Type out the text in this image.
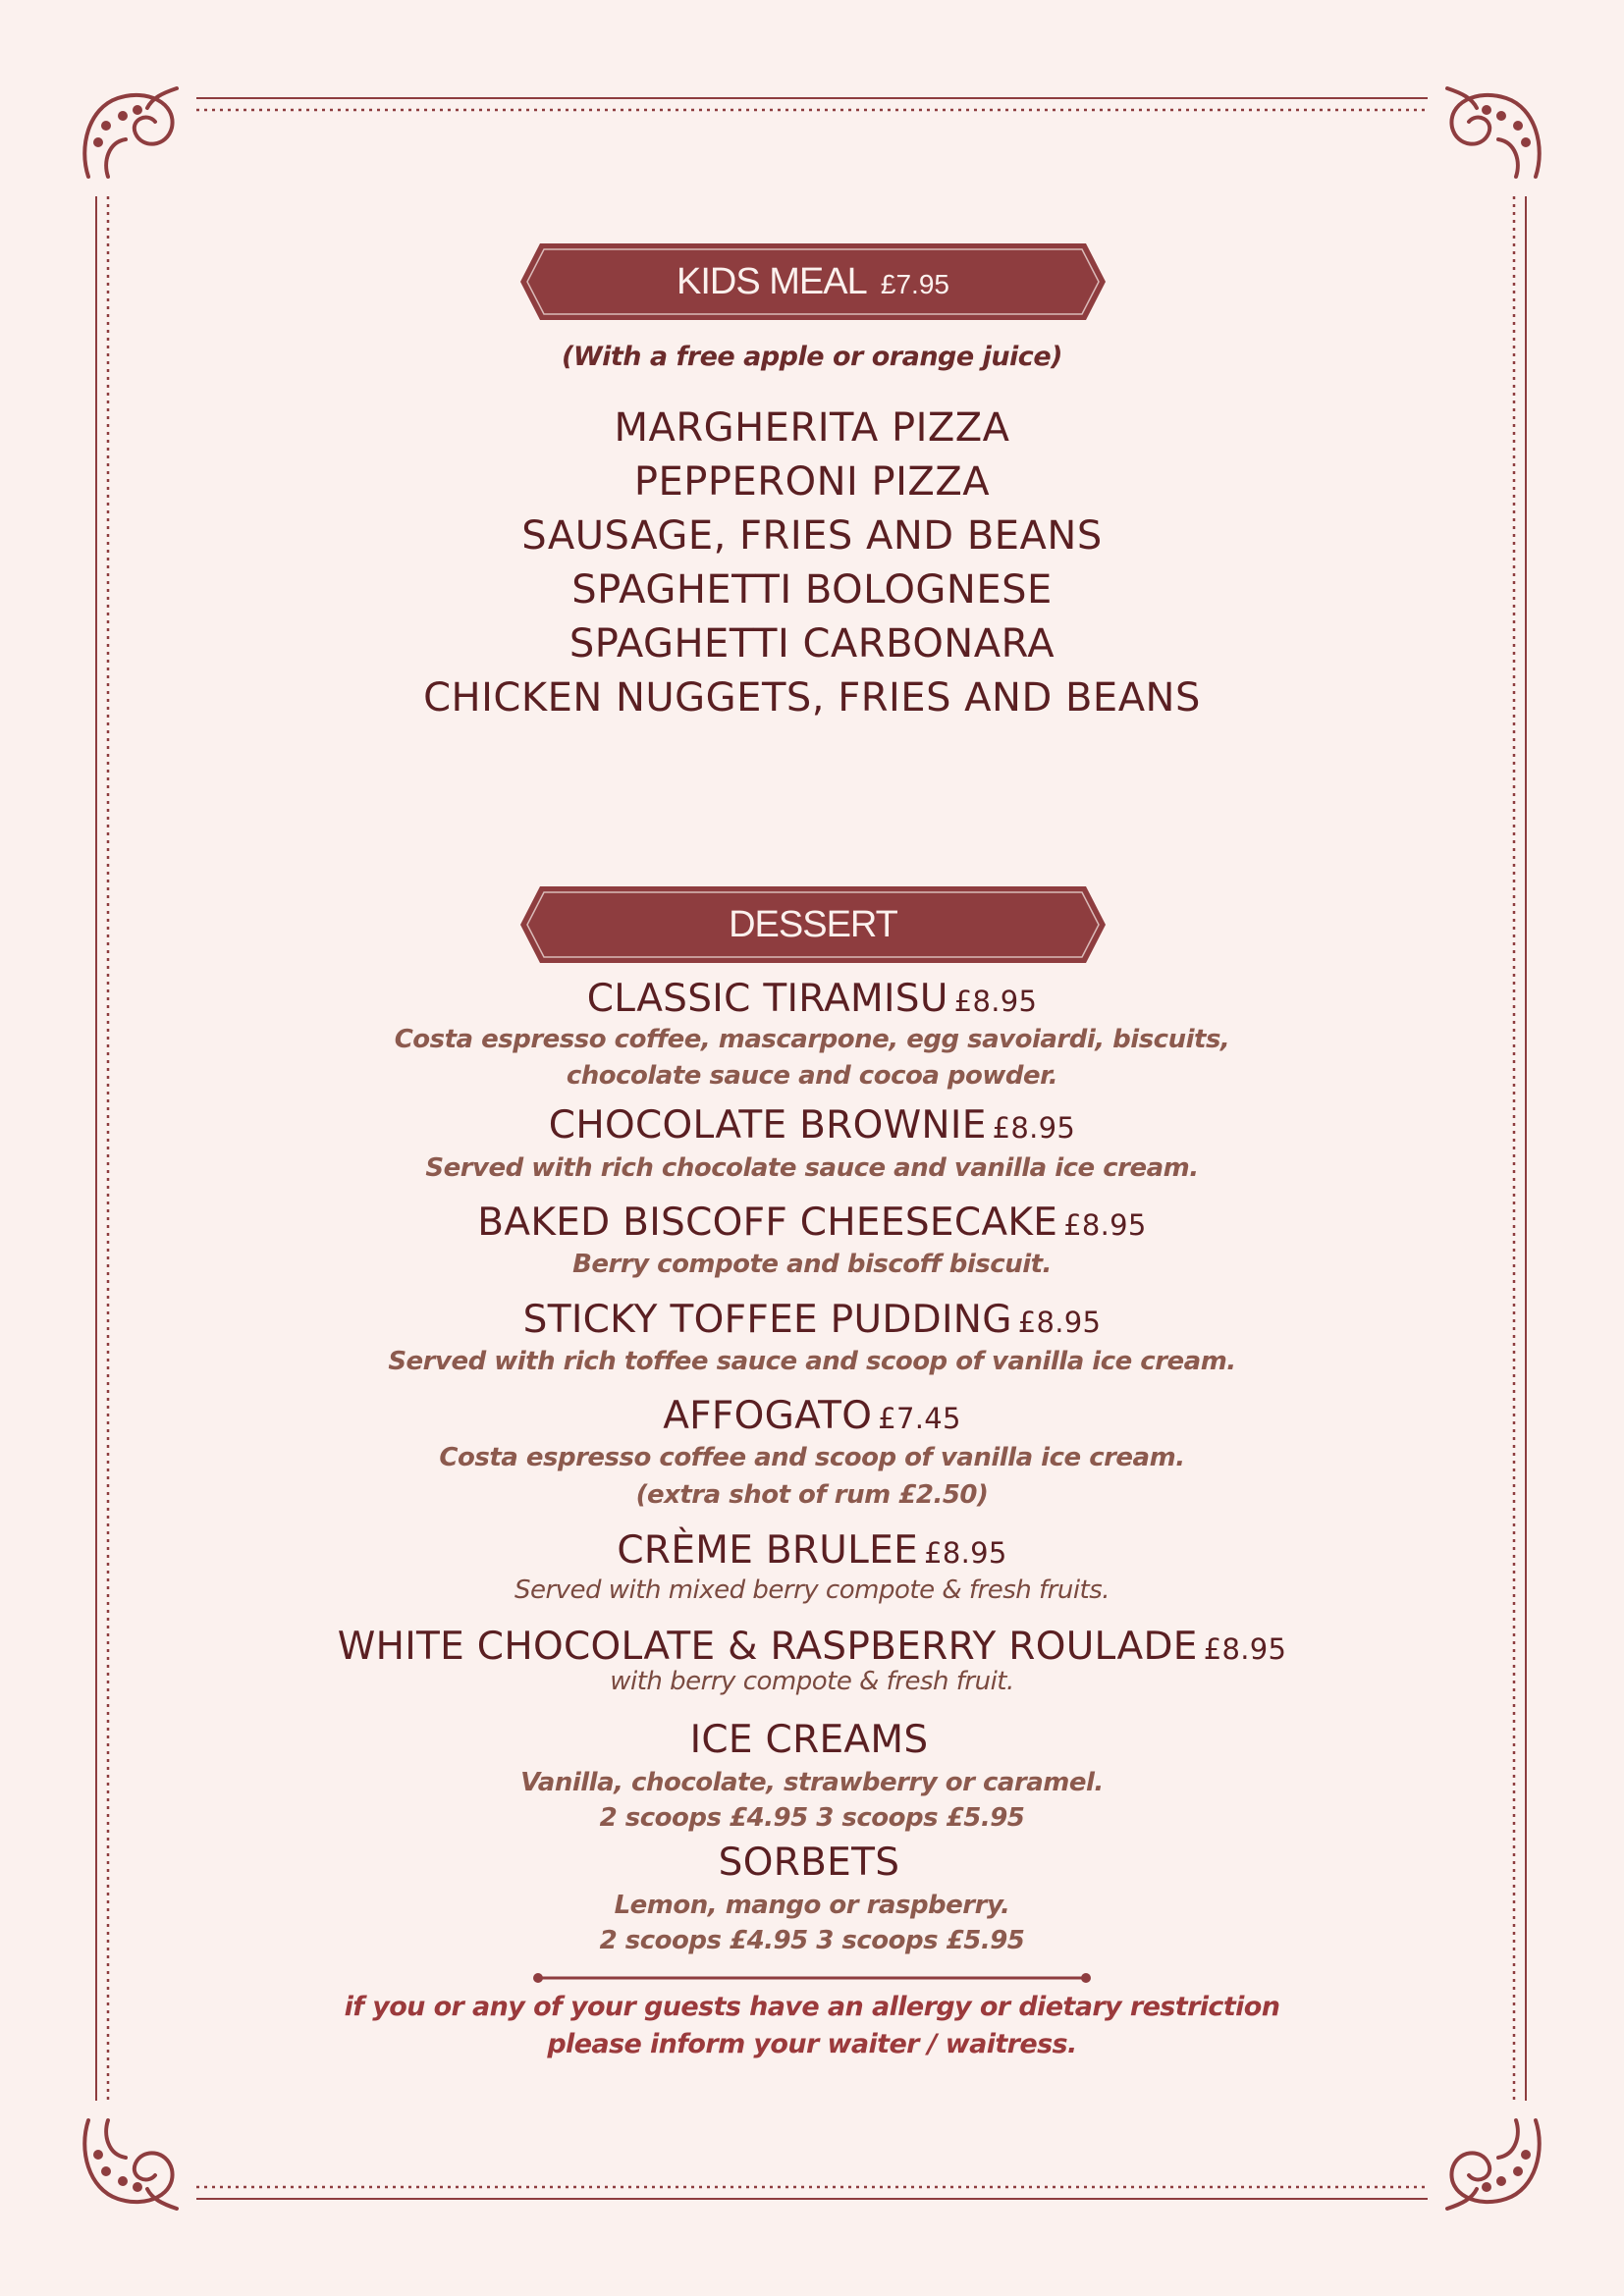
KIDS MEAL £7.95
(With a free apple or orange juice)
MARGHERITA PIZZA
PEPPERONI PIZZA
SAUSAGE, FRIES AND BEANS
SPAGHETTI BOLOGNESE
SPAGHETTI CARBONARA
CHICKEN NUGGETS, FRIES AND BEANS
DESSERT
CLASSIC TIRAMISU £8.95
Costa espresso coffee, mascarpone, egg savoiardi, biscuits,
chocolate sauce and cocoa powder.
CHOCOLATE BROWNIE £8.95
Served with rich chocolate sauce and vanilla ice cream.
BAKED BISCOFF CHEESECAKE £8.95
Berry compote and biscoff biscuit.
STICKY TOFFEE PUDDING £8.95
Served with rich toffee sauce and scoop of vanilla ice cream.
AFFOGATO £7.45
Costa espresso coffee and scoop of vanilla ice cream.
(extra shot of rum £2.50)
CRÈME BRULEE £8.95
Served with mixed berry compote & fresh fruits.
WHITE CHOCOLATE & RASPBERRY ROULADE £8.95
with berry compote & fresh fruit.
ICE CREAMS
Vanilla, chocolate, strawberry or caramel.
2 scoops £4.95 3 scoops £5.95
SORBETS
Lemon, mango or raspberry.
2 scoops £4.95 3 scoops £5.95
if you or any of your guests have an allergy or dietary restriction
please inform your waiter / waitress.
